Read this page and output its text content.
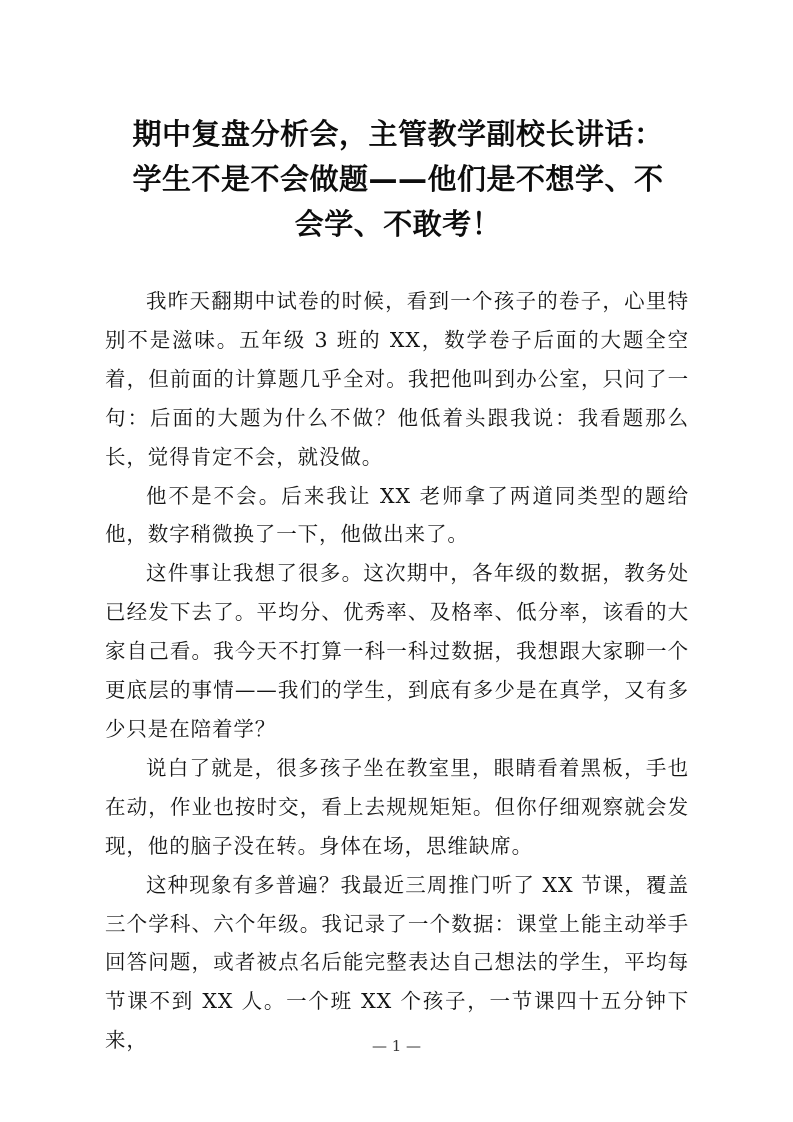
期中复盘分析会，主管教学副校长讲话：
学生不是不会做题——他们是不想学、不
会学、不敢考！

我昨天翻期中试卷的时候，看到一个孩子的卷子，心里特别不是滋味。五年级 3 班的 XX，数学卷子后面的大题全空着，但前面的计算题几乎全对。我把他叫到办公室，只问了一句：后面的大题为什么不做？他低着头跟我说：我看题那么长，觉得肯定不会，就没做。

他不是不会。后来我让 XX 老师拿了两道同类型的题给他，数字稍微换了一下，他做出来了。

这件事让我想了很多。这次期中，各年级的数据，教务处已经发下去了。平均分、优秀率、及格率、低分率，该看的大家自己看。我今天不打算一科一科过数据，我想跟大家聊一个更底层的事情——我们的学生，到底有多少是在真学，又有多少只是在陪着学？

说白了就是，很多孩子坐在教室里，眼睛看着黑板，手也在动，作业也按时交，看上去规规矩矩。但你仔细观察就会发现，他的脑子没在转。身体在场，思维缺席。

这种现象有多普遍？我最近三周推门听了 XX 节课，覆盖三个学科、六个年级。我记录了一个数据：课堂上能主动举手回答问题，或者被点名后能完整表达自己想法的学生，平均每节课不到 XX 人。一个班 XX 个孩子，一节课四十五分钟下来，	— 1 —
